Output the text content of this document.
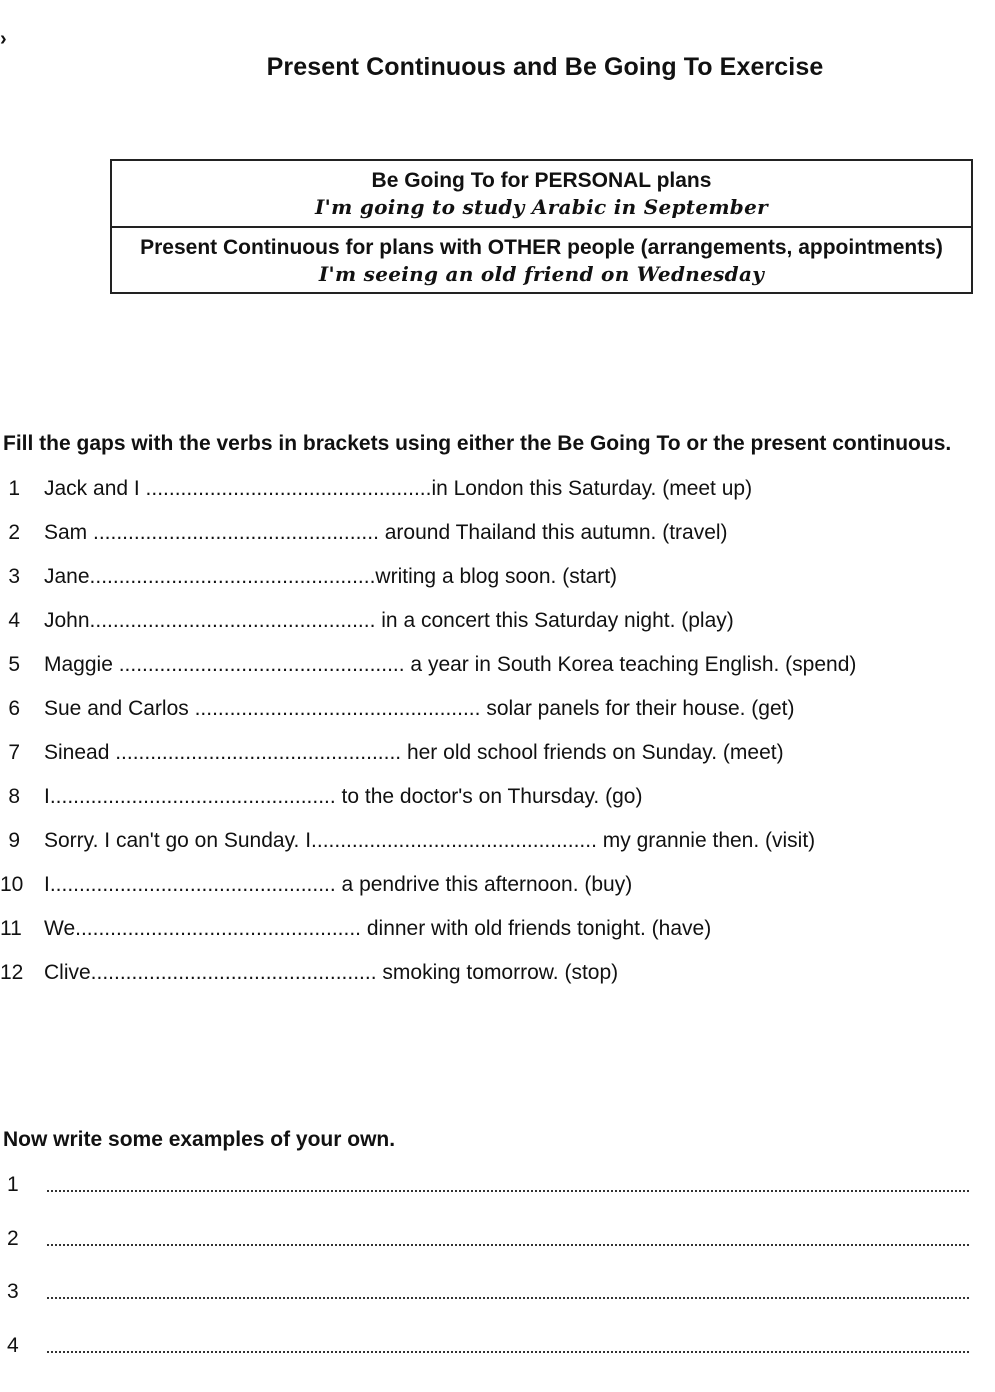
›
Present Continuous and Be Going To Exercise
Be Going To for PERSONAL plans
I'm going to study Arabic in September
Present Continuous for plans with OTHER people (arrangements, appointments)
I'm seeing an old friend on Wednesday
Fill the gaps with the verbs in brackets using either the Be Going To or the present continuous.
1 Jack and I .................................................in London this Saturday. (meet up)
2 Sam ................................................. around Thailand this autumn. (travel)
3 Jane.................................................writing a blog soon. (start)
4 John................................................. in a concert this Saturday night. (play)
5 Maggie ................................................. a year in South Korea teaching English. (spend)
6 Sue and Carlos ................................................. solar panels for their house. (get)
7 Sinead ................................................. her old school friends on Sunday. (meet)
8 I................................................. to the doctor's on Thursday. (go)
9 Sorry. I can't go on Sunday. I................................................. my grannie then. (visit)
10 I................................................. a pendrive this afternoon. (buy)
11 We................................................. dinner with old friends tonight. (have)
12 Clive................................................. smoking tomorrow. (stop)
Now write some examples of your own.
1
2
3
4
